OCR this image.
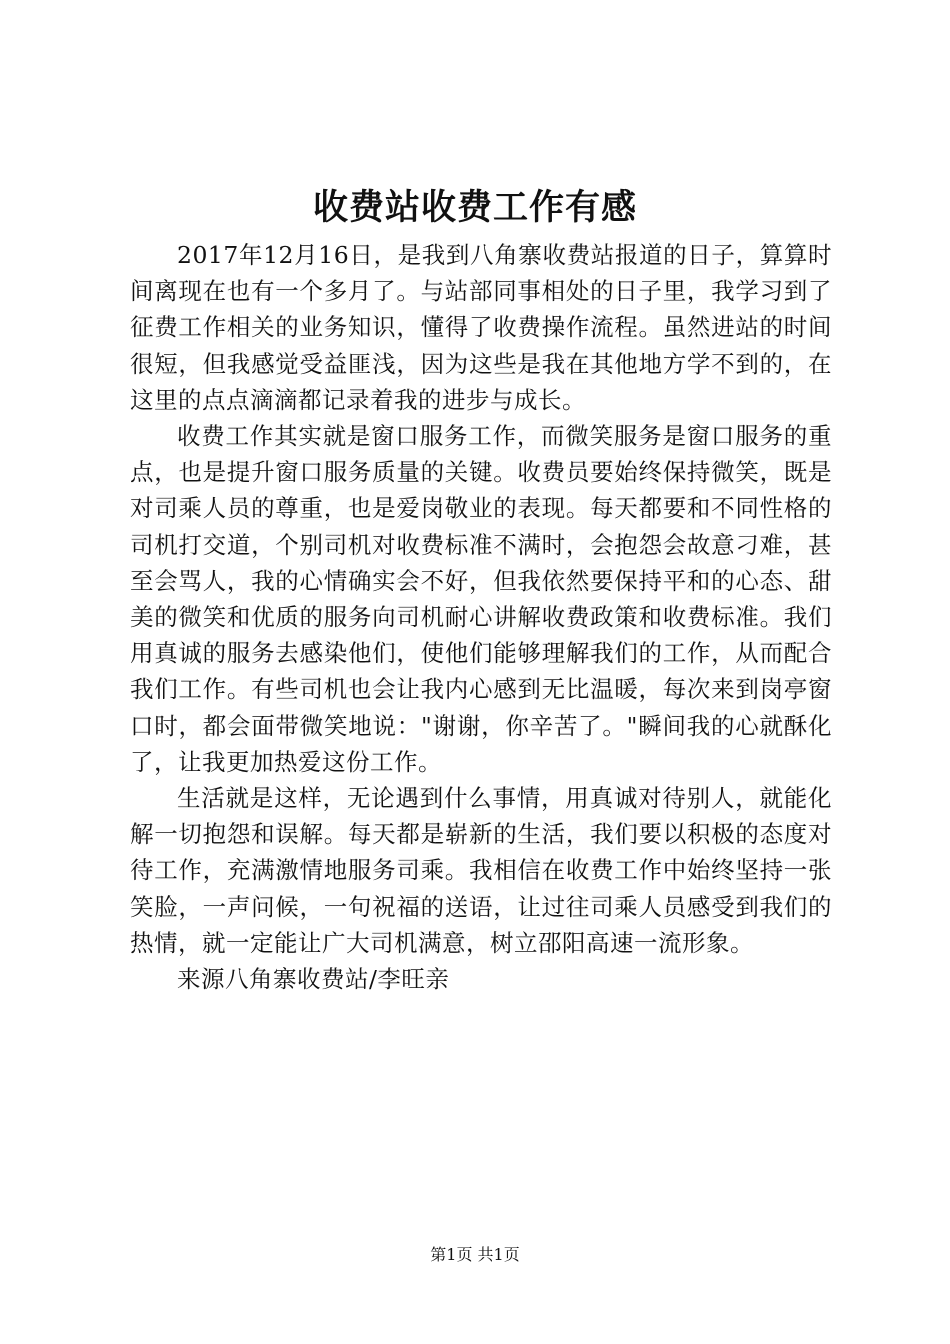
收费站收费工作有感

2017年12月16日，是我到八角寨收费站报道的日子，算算时间离现在也有一个多月了。与站部同事相处的日子里，我学习到了征费工作相关的业务知识，懂得了收费操作流程。虽然进站的时间很短，但我感觉受益匪浅，因为这些是我在其他地方学不到的，在这里的点点滴滴都记录着我的进步与成长。

收费工作其实就是窗口服务工作，而微笑服务是窗口服务的重点，也是提升窗口服务质量的关键。收费员要始终保持微笑，既是对司乘人员的尊重，也是爱岗敬业的表现。每天都要和不同性格的司机打交道，个别司机对收费标准不满时，会抱怨会故意刁难，甚至会骂人，我的心情确实会不好，但我依然要保持平和的心态、甜美的微笑和优质的服务向司机耐心讲解收费政策和收费标准。我们用真诚的服务去感染他们，使他们能够理解我们的工作，从而配合我们工作。有些司机也会让我内心感到无比温暖，每次来到岗亭窗口时，都会面带微笑地说："谢谢，你辛苦了。"瞬间我的心就酥化了，让我更加热爱这份工作。

生活就是这样，无论遇到什么事情，用真诚对待别人，就能化解一切抱怨和误解。每天都是崭新的生活，我们要以积极的态度对待工作，充满激情地服务司乘。我相信在收费工作中始终坚持一张笑脸，一声问候，一句祝福的送语，让过往司乘人员感受到我们的热情，就一定能让广大司机满意，树立邵阳高速一流形象。

来源八角寨收费站/李旺亲

第1页 共1页
